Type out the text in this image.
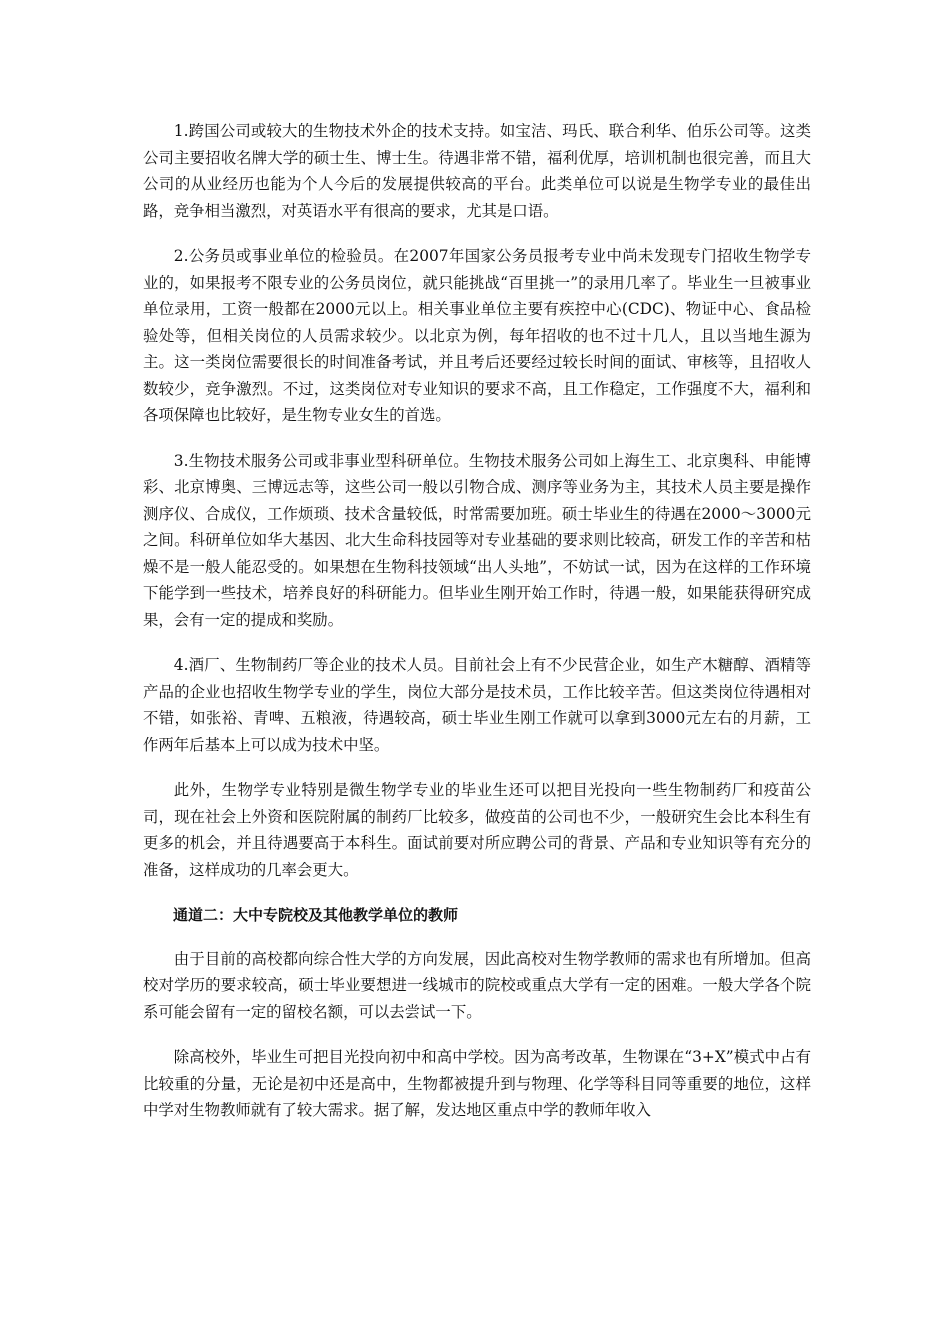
1.跨国公司或较大的生物技术外企的技术支持。如宝洁、玛氏、联合利华、伯乐公司等。这类公司主要招收名牌大学的硕士生、博士生。待遇非常不错，福利优厚，培训机制也很完善，而且大公司的从业经历也能为个人今后的发展提供较高的平台。此类单位可以说是生物学专业的最佳出路，竞争相当激烈，对英语水平有很高的要求，尤其是口语。

2.公务员或事业单位的检验员。在2007年国家公务员报考专业中尚未发现专门招收生物学专业的，如果报考不限专业的公务员岗位，就只能挑战“百里挑一”的录用几率了。毕业生一旦被事业单位录用，工资一般都在2000元以上。相关事业单位主要有疾控中心(CDC)、物证中心、食品检验处等，但相关岗位的人员需求较少。以北京为例，每年招收的也不过十几人，且以当地生源为主。这一类岗位需要很长的时间准备考试，并且考后还要经过较长时间的面试、审核等，且招收人数较少，竞争激烈。不过，这类岗位对专业知识的要求不高，且工作稳定，工作强度不大，福利和各项保障也比较好，是生物专业女生的首选。

3.生物技术服务公司或非事业型科研单位。生物技术服务公司如上海生工、北京奥科、申能博彩、北京博奥、三博远志等，这些公司一般以引物合成、测序等业务为主，其技术人员主要是操作测序仪、合成仪，工作烦琐、技术含量较低，时常需要加班。硕士毕业生的待遇在2000～3000元之间。科研单位如华大基因、北大生命科技园等对专业基础的要求则比较高，研发工作的辛苦和枯燥不是一般人能忍受的。如果想在生物科技领域“出人头地”，不妨试一试，因为在这样的工作环境下能学到一些技术，培养良好的科研能力。但毕业生刚开始工作时，待遇一般，如果能获得研究成果，会有一定的提成和奖励。

4.酒厂、生物制药厂等企业的技术人员。目前社会上有不少民营企业，如生产木糖醇、酒精等产品的企业也招收生物学专业的学生，岗位大部分是技术员，工作比较辛苦。但这类岗位待遇相对不错，如张裕、青啤、五粮液，待遇较高，硕士毕业生刚工作就可以拿到3000元左右的月薪，工作两年后基本上可以成为技术中坚。

此外，生物学专业特别是微生物学专业的毕业生还可以把目光投向一些生物制药厂和疫苗公司，现在社会上外资和医院附属的制药厂比较多，做疫苗的公司也不少，一般研究生会比本科生有更多的机会，并且待遇要高于本科生。面试前要对所应聘公司的背景、产品和专业知识等有充分的准备，这样成功的几率会更大。

通道二：大中专院校及其他教学单位的教师

由于目前的高校都向综合性大学的方向发展，因此高校对生物学教师的需求也有所增加。但高校对学历的要求较高，硕士毕业要想进一线城市的院校或重点大学有一定的困难。一般大学各个院系可能会留有一定的留校名额，可以去尝试一下。

除高校外，毕业生可把目光投向初中和高中学校。因为高考改革，生物课在“3+X”模式中占有比较重的分量，无论是初中还是高中，生物都被提升到与物理、化学等科目同等重要的地位，这样中学对生物教师就有了较大需求。据了解，发达地区重点中学的教师年收入
